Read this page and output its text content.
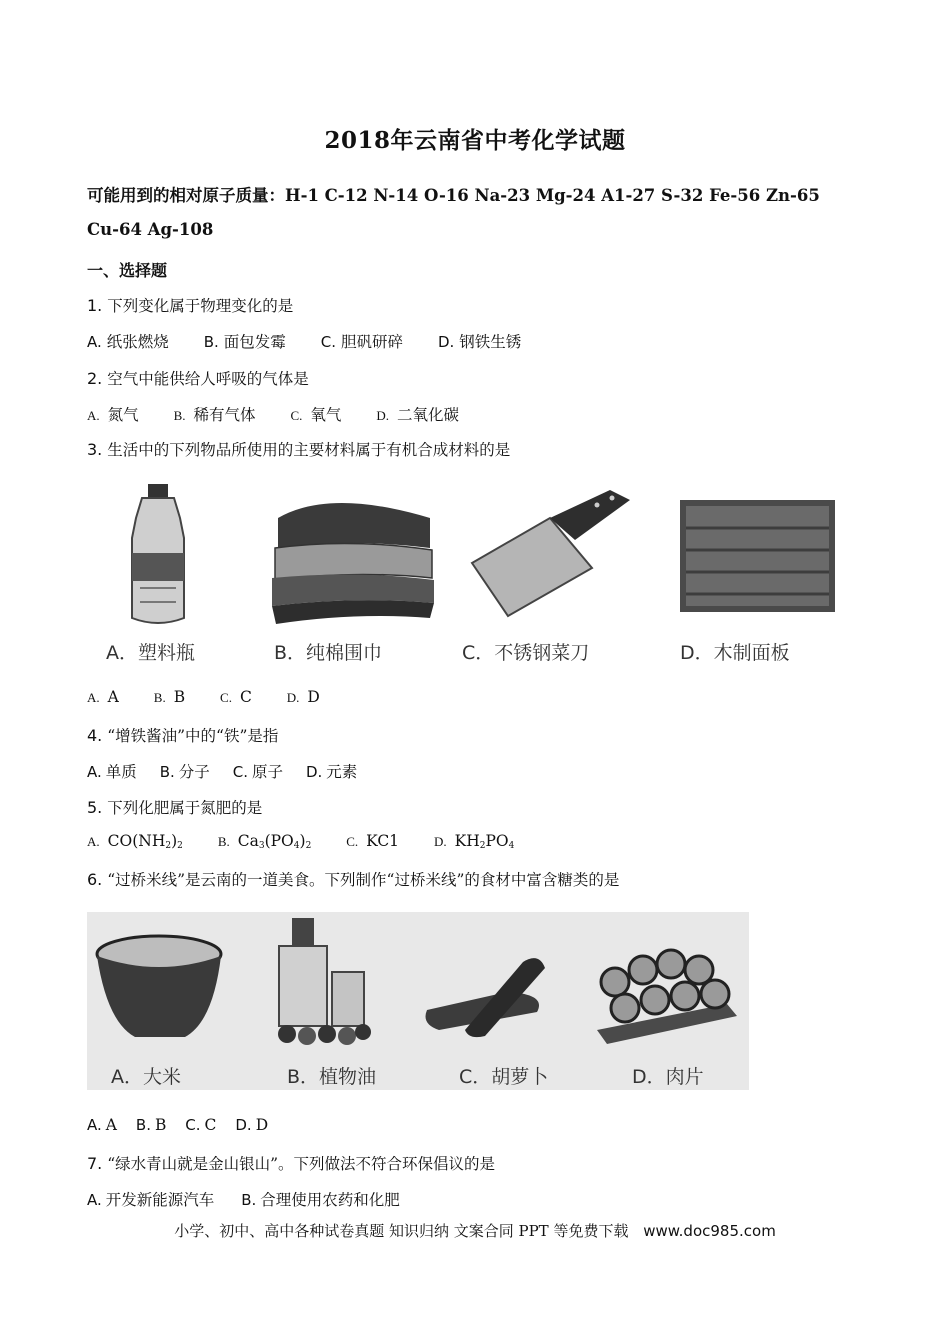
2018年云南省中考化学试题
可能用到的相对原子质量：H-1 C-12 N-14 O-16 Na-23 Mg-24 A1-27 S-32 Fe-56 Zn-65
Cu-64 Ag-108
一、选择题
1. 下列变化属于物理变化的是
A. 纸张燃烧 B. 面包发霉 C. 胆矾研碎 D. 钢铁生锈
2. 空气中能供给人呼吸的气体是
A. 氮气	B. 稀有气体	C. 氧气	D. 二氧化碳
3. 生活中的下列物品所使用的主要材料属于有机合成材料的是
A．塑料瓶	B．纯棉围巾	C．不锈钢菜刀	D．木制面板
A. A	B. B	C. C	D. D
4. “增铁酱油”中的“铁”是指
A. 单质 B. 分子 C. 原子 D. 元素
5. 下列化肥属于氮肥的是
A. $CO(NH_2)_2$	B. $Ca_3(PO_4)_2$	C. KC1	D. $KH_2PO_4$
6. “过桥米线”是云南的一道美食。下列制作“过桥米线”的食材中富含糖类的是
A．大米	B．植物油	C．胡萝卜	D．肉片
A. A B. B C. C D. D
7. “绿水青山就是金山银山”。下列做法不符合环保倡议的是
A. 开发新能源汽车 B. 合理使用农药和化肥
小学、初中、高中各种试卷真题 知识归纳 文案合同 PPT 等免费下载 www.doc985.com
